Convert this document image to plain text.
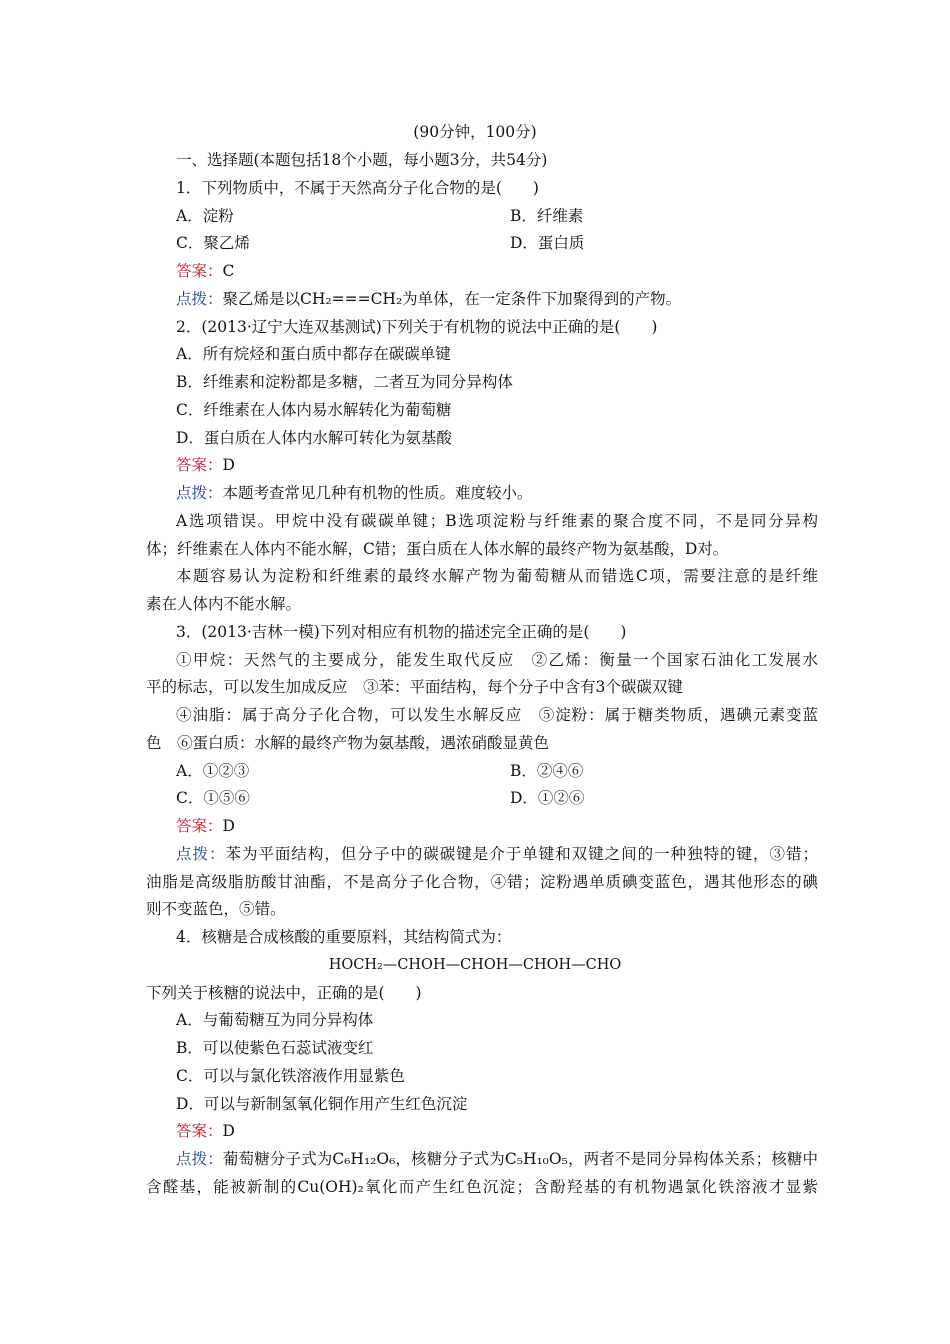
(90分钟，100分)
一、选择题(本题包括18个小题，每小题3分，共54分)
1．下列物质中，不属于天然高分子化合物的是(　　)
A．淀粉	B．纤维素
C．聚乙烯	D．蛋白质
答案：C
点拨：聚乙烯是以CH₂===CH₂为单体，在一定条件下加聚得到的产物。
2．(2013·辽宁大连双基测试)下列关于有机物的说法中正确的是(　　)
A．所有烷烃和蛋白质中都存在碳碳单键
B．纤维素和淀粉都是多糖，二者互为同分异构体
C．纤维素在人体内易水解转化为葡萄糖
D．蛋白质在人体内水解可转化为氨基酸
答案：D
点拨：本题考查常见几种有机物的性质。难度较小。
A选项错误。甲烷中没有碳碳单键；B选项淀粉与纤维素的聚合度不同，不是同分异构
体；纤维素在人体内不能水解，C错；蛋白质在人体水解的最终产物为氨基酸，D对。
本题容易认为淀粉和纤维素的最终水解产物为葡萄糖从而错选C项，需要注意的是纤维
素在人体内不能水解。
3．(2013·吉林一模)下列对相应有机物的描述完全正确的是(　　)
①甲烷：天然气的主要成分，能发生取代反应　②乙烯：衡量一个国家石油化工发展水
平的标志，可以发生加成反应　③苯：平面结构，每个分子中含有3个碳碳双键
④油脂：属于高分子化合物，可以发生水解反应　⑤淀粉：属于糖类物质，遇碘元素变蓝
色　⑥蛋白质：水解的最终产物为氨基酸，遇浓硝酸显黄色
A．①②③	B．②④⑥
C．①⑤⑥	D．①②⑥
答案：D
点拨：苯为平面结构，但分子中的碳碳键是介于单键和双键之间的一种独特的键，③错；
油脂是高级脂肪酸甘油酯，不是高分子化合物，④错；淀粉遇单质碘变蓝色，遇其他形态的碘
则不变蓝色，⑤错。
4．核糖是合成核酸的重要原料，其结构简式为：
HOCH₂—CHOH—CHOH—CHOH—CHO
下列关于核糖的说法中，正确的是(　　)
A．与葡萄糖互为同分异构体
B．可以使紫色石蕊试液变红
C．可以与氯化铁溶液作用显紫色
D．可以与新制氢氧化铜作用产生红色沉淀
答案：D
点拨：葡萄糖分子式为C₆H₁₂O₆，核糖分子式为C₅H₁₀O₅，两者不是同分异构体关系；核糖中
含醛基，能被新制的Cu(OH)₂氧化而产生红色沉淀；含酚羟基的有机物遇氯化铁溶液才显紫
